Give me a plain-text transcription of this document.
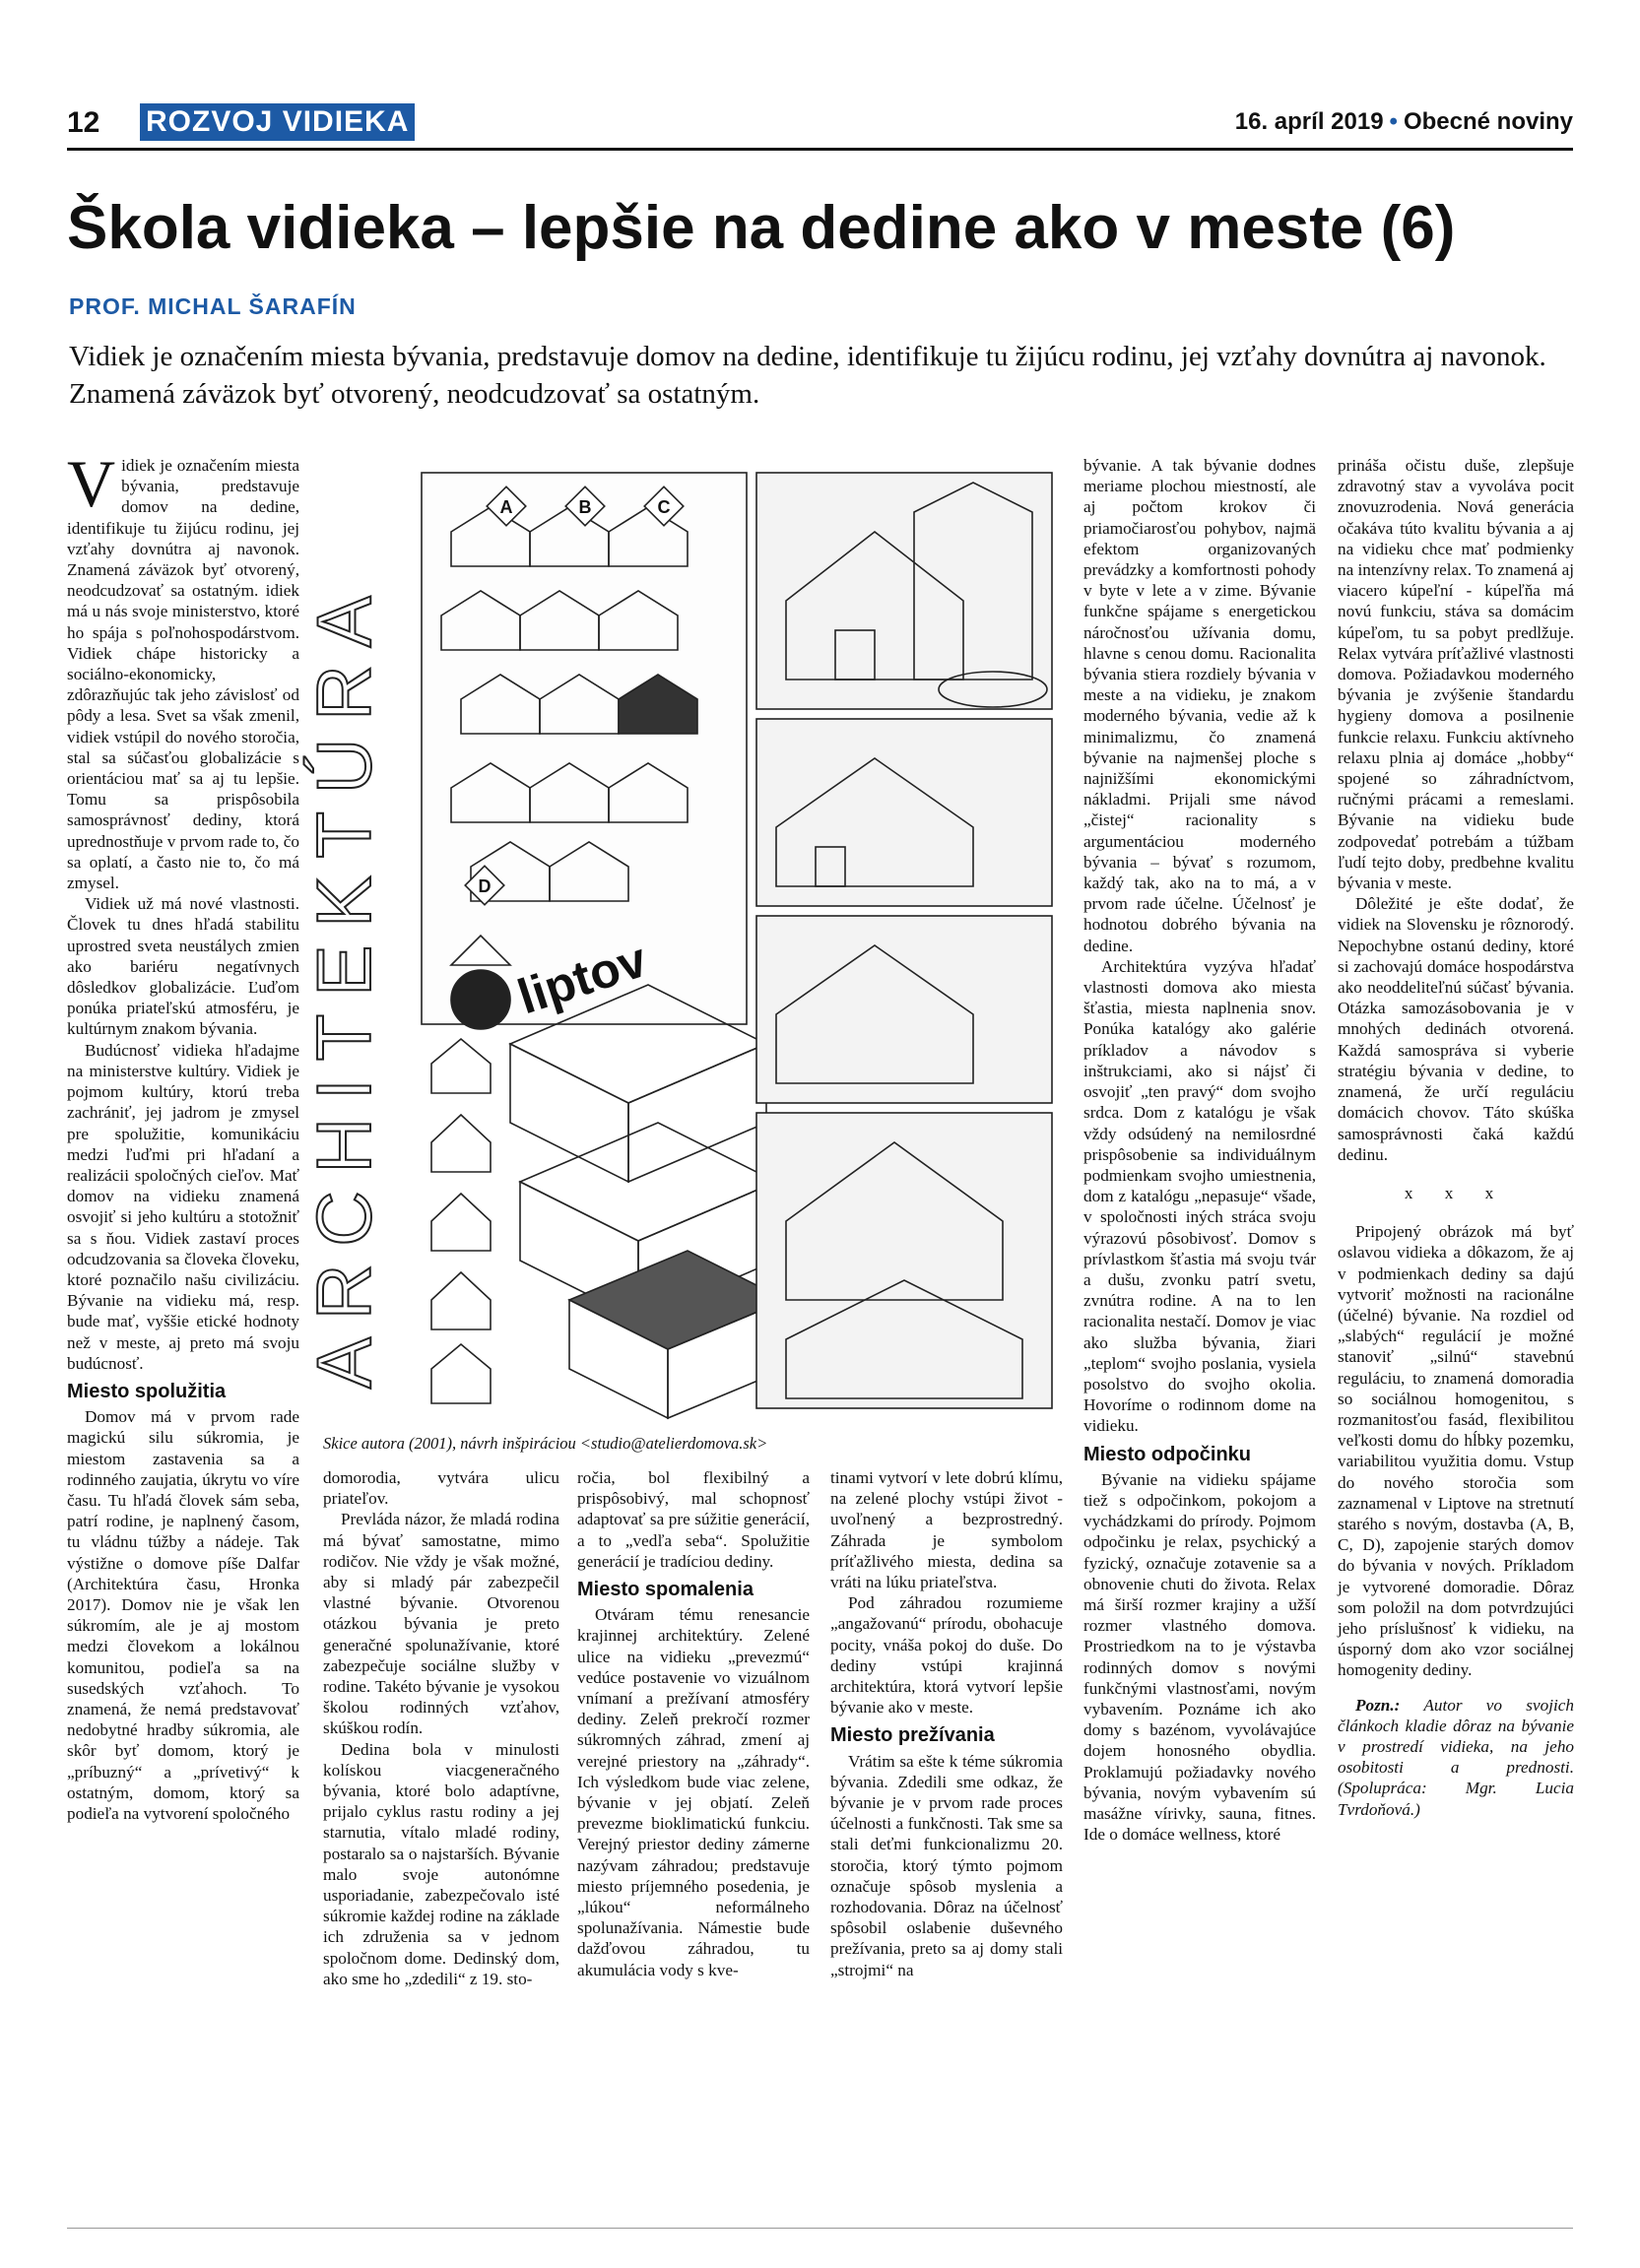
12 ROZVOJ VIDIEKA	16. apríl 2019 • Obecné noviny
Škola vidieka – lepšie na dedine ako v meste (6)
PROF. MICHAL ŠARAFÍN
Vidiek je označením miesta bývania, predstavuje domov na dedine, identifikuje tu žijúcu rodinu, jej vzťahy dovnútra aj navonok. Znamená záväzok byť otvorený, neodcudzovať sa ostatným.

Vidiek je označením miesta bývania, predstavuje domov na dedine, identifikuje tu žijúcu rodinu, jej vzťahy dovnútra aj navonok. Znamená záväzok byť otvorený, neodcudzovať sa ostatným. idiek má u nás svoje ministerstvo, ktoré ho spája s poľnohospodárstvom. Vidiek chápe historicky a sociálno-ekonomicky, zdôrazňujúc tak jeho závislosť od pôdy a lesa. Svet sa však zmenil, vidiek vstúpil do nového storočia, stal sa súčasťou globalizácie s orientáciou mať sa aj tu lepšie. Tomu sa prispôsobila samosprávnosť dediny, ktorá uprednostňuje v prvom rade to, čo sa oplatí, a často nie to, čo má zmysel.

Vidiek už má nové vlastnosti. Človek tu dnes hľadá stabilitu uprostred sveta neustálych zmien ako bariéru negatívnych dôsledkov globalizácie. Ľuďom ponúka priateľskú atmosféru, je kultúrnym znakom bývania.

Budúcnosť vidieka hľadajme na ministerstve kultúry. Vidiek je pojmom kultúry, ktorú treba zachrániť, jej jadrom je zmysel pre spolužitie, komunikáciu medzi ľuďmi pri hľadaní a realizácii spoločných cieľov. Mať domov na vidieku znamená osvojiť si jeho kultúru a stotožniť sa s ňou. Vidiek zastaví proces odcudzovania sa človeka človeku, ktoré poznačilo našu civilizáciu. Bývanie na vidieku má, resp. bude mať, vyššie etické hodnoty než v meste, aj preto má svoju budúcnosť.

Miesto spolužitia

Domov má v prvom rade magickú silu súkromia, je miestom zastavenia sa a rodinného zaujatia, úkrytu vo víre času. Tu hľadá človek sám seba, patrí rodine, je naplnený časom, tu vládnu túžby a nádeje. Tak výstižne o domove píše Dalfar (Architektúra času, Hronka 2017). Domov nie je však len súkromím, ale je aj mostom medzi človekom a lokálnou komunitou, podieľa sa na susedských vzťahoch. To znamená, že nemá predstavovať nedobytné hradby súkromia, ale skôr byť domom, ktorý je „príbuzný“ a „prívetivý“ k ostatným, domom, ktorý sa podieľa na vytvorení spoločného

ARCHITEKTÚRA	liptov
A	B	C
D
Skice autora (2001), návrh inšpiráciou <studio@atelierdomova.sk>

domorodia, vytvára ulicu priateľov.

Prevláda názor, že mladá rodina má bývať samostatne, mimo rodičov. Nie vždy je však možné, aby si mladý pár zabezpečil vlastné bývanie. Otvorenou otázkou bývania je preto generačné spolunažívanie, ktoré zabezpečuje sociálne služby v rodine. Takéto bývanie je vysokou školou rodinných vzťahov, skúškou rodín.

Dedina bola v minulosti kolískou viacgeneračného bývania, ktoré bolo adaptívne, prijalo cyklus rastu rodiny a jej starnutia, vítalo mladé rodiny, postaralo sa o najstarších. Bývanie malo svoje autonómne usporiadanie, zabezpečovalo isté súkromie každej rodine na základe ich združenia sa v jednom spoločnom dome. Dedinský dom, ako sme ho „zdedili“ z 19. sto-

ročia, bol flexibilný a prispôsobivý, mal schopnosť adaptovať sa pre súžitie generácií, a to „vedľa seba“. Spolužitie generácií je tradíciou dediny.

Miesto spomalenia

Otváram tému renesancie krajinnej architektúry. Zelené ulice na vidieku „prevezmú“ vedúce postavenie vo vizuálnom vnímaní a prežívaní atmosféry dediny. Zeleň prekročí rozmer súkromných záhrad, zmení aj verejné priestory na „záhrady“. Ich výsledkom bude viac zelene, bývanie v jej objatí. Zeleň prevezme bioklimatickú funkciu. Verejný priestor dediny zámerne nazývam záhradou; predstavuje miesto príjemného posedenia, je „lúkou“ neformálneho spolunažívania. Námestie bude dažďovou záhradou, tu akumulácia vody s kve-

tinami vytvorí v lete dobrú klímu, na zelené plochy vstúpi život - uvoľnený a bezprostredný. Záhrada je symbolom príťažlivého miesta, dedina sa vráti na lúku priateľstva.

Pod záhradou rozumieme „angažovanú“ prírodu, obohacuje pocity, vnáša pokoj do duše. Do dediny vstúpi krajinná architektúra, ktorá vytvorí lepšie bývanie ako v meste.

Miesto prežívania

Vrátim sa ešte k téme súkromia bývania. Zdedili sme odkaz, že bývanie je v prvom rade proces účelnosti a funkčnosti. Tak sme sa stali deťmi funkcionalizmu 20. storočia, ktorý týmto pojmom označuje spôsob myslenia a rozhodovania. Dôraz na účelnosť spôsobil oslabenie duševného prežívania, preto sa aj domy stali „strojmi“ na

bývanie. A tak bývanie dodnes meriame plochou miestností, ale aj počtom krokov či priamočiarosťou pohybov, najmä efektom organizovaných prevádzky a komfortnosti pohody v byte v lete a v zime. Bývanie funkčne spájame s energetickou náročnosťou užívania domu, hlavne s cenou domu. Racionalita bývania stiera rozdiely bývania v meste a na vidieku, je znakom moderného bývania, vedie až k minimalizmu, čo znamená bývanie na najmenšej ploche s najnižšími ekonomickými nákladmi. Prijali sme návod „čistej“ racionality s argumentáciou moderného bývania – bývať s rozumom, každý tak, ako na to má, a v prvom rade účelne. Účelnosť je hodnotou dobrého bývania na dedine.

Architektúra vyzýva hľadať vlastnosti domova ako miesta šťastia, miesta naplnenia snov. Ponúka katalógy ako galérie príkladov a návodov s inštrukciami, ako si nájsť či osvojiť „ten pravý“ dom svojho srdca. Dom z katalógu je však vždy odsúdený na nemilosrdné prispôsobenie sa individuálnym podmienkam svojho umiestnenia, dom z katalógu „nepasuje“ všade, v spoločnosti iných stráca svoju výrazovú pôsobivosť. Domov s prívlastkom šťastia má svoju tvár a dušu, zvonku patrí svetu, zvnútra rodine. A na to len racionalita nestačí. Domov je viac ako služba bývania, žiari „teplom“ svojho poslania, vysiela posolstvo do svojho okolia. Hovoríme o rodinnom dome na vidieku.

Miesto odpočinku

Bývanie na vidieku spájame tiež s odpočinkom, pokojom a vychádzkami do prírody. Pojmom odpočinku je relax, psychický a fyzický, označuje zotavenie sa a obnovenie chuti do života. Relax má širší rozmer krajiny a užší rozmer vlastného domova. Prostriedkom na to je výstavba rodinných domov s novými funkčnými vlastnosťami, novým vybavením. Poznáme ich ako domy s bazénom, vyvolávajúce dojem honosného obydlia. Proklamujú požiadavky nového bývania, novým vybavením sú masážne vírivky, sauna, fitnes. Ide o domáce wellness, ktoré

prináša očistu duše, zlepšuje zdravotný stav a vyvoláva pocit znovuzrodenia. Nová generácia očakáva túto kvalitu bývania a aj na vidieku chce mať podmienky na intenzívny relax. To znamená aj viacero kúpeľní - kúpeľňa má novú funkciu, stáva sa domácim kúpeľom, tu sa pobyt predlžuje. Relax vytvára príťažlivé vlastnosti domova. Požiadavkou moderného bývania je zvýšenie štandardu hygieny domova a posilnenie funkcie relaxu. Funkciu aktívneho relaxu plnia aj domáce „hobby“ spojené so záhradníctvom, ručnými prácami a remeslami. Bývanie na vidieku bude zodpovedať potrebám a túžbam ľudí tejto doby, predbehne kvalitu bývania v meste.

Dôležité je ešte dodať, že vidiek na Slovensku je rôznorodý. Nepochybne ostanú dediny, ktoré si zachovajú domáce hospodárstva ako neoddeliteľnú súčasť bývania. Otázka samozásobovania je v mnohých dedinách otvorená. Každá samospráva si vyberie stratégiu bývania v dedine, to znamená, že určí reguláciu domácich chovov. Táto skúška samosprávnosti čaká každú dedinu.

x x x

Pripojený obrázok má byť oslavou vidieka a dôkazom, že aj v podmienkach dediny sa dajú vytvoriť možnosti na racionálne (účelné) bývanie. Na rozdiel od „slabých“ regulácií je možné stanoviť „silnú“ stavebnú reguláciu, to znamená domoradia so sociálnou homogenitou, s rozmanitosťou fasád, flexibilitou veľkosti domu do hĺbky pozemku, variabilitou využitia domu. Vstup do nového storočia som zaznamenal v Liptove na stretnutí starého s novým, dostavba (A, B, C, D), zapojenie starých domov do bývania v nových. Príkladom je vytvorené domoradie. Dôraz som položil na dom potvrdzujúci jeho príslušnosť k vidieku, na úsporný dom ako vzor sociálnej homogenity dediny.

Pozn.: Autor vo svojich článkoch kladie dôraz na bývanie v prostredí vidieka, na jeho osobitosti a prednosti. (Spolupráca: Mgr. Lucia Tvrdoňová.)
